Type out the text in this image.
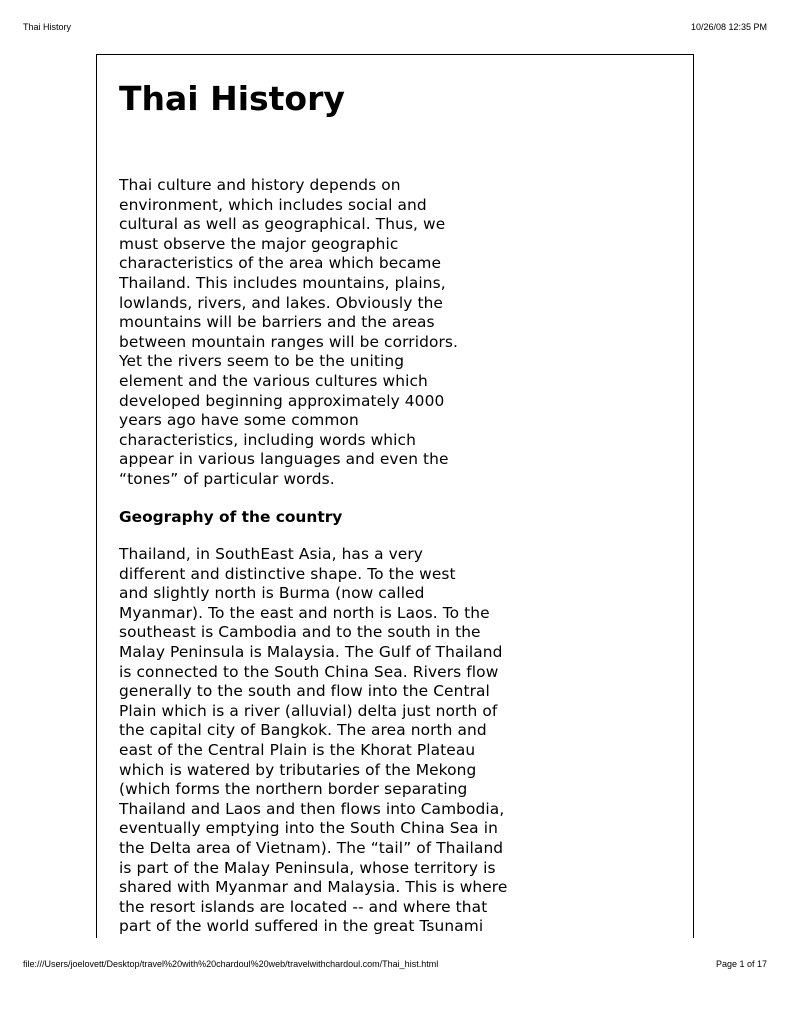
Thai History	10/26/08 12:35 PM
Thai History

Thai culture and history depends on
environment, which includes social and
cultural as well as geographical. Thus, we
must observe the major geographic
characteristics of the area which became
Thailand. This includes mountains, plains,
lowlands, rivers, and lakes. Obviously the
mountains will be barriers and the areas
between mountain ranges will be corridors.
Yet the rivers seem to be the uniting
element and the various cultures which
developed beginning approximately 4000
years ago have some common
characteristics, including words which
appear in various languages and even the
“tones” of particular words.

Geography of the country

Thailand, in SouthEast Asia, has a very
different and distinctive shape. To the west
and slightly north is Burma (now called
Myanmar). To the east and north is Laos. To the
southeast is Cambodia and to the south in the
Malay Peninsula is Malaysia. The Gulf of Thailand
is connected to the South China Sea. Rivers flow
generally to the south and flow into the Central
Plain which is a river (alluvial) delta just north of
the capital city of Bangkok. The area north and
east of the Central Plain is the Khorat Plateau
which is watered by tributaries of the Mekong
(which forms the northern border separating
Thailand and Laos and then flows into Cambodia,
eventually emptying into the South China Sea in
the Delta area of Vietnam). The “tail” of Thailand
is part of the Malay Peninsula, whose territory is
shared with Myanmar and Malaysia. This is where
the resort islands are located -- and where that
part of the world suffered in the great Tsunami

file:///Users/joelovett/Desktop/travel%20with%20chardoul%20web/travelwithchardoul.com/Thai_hist.html	Page 1 of 17
